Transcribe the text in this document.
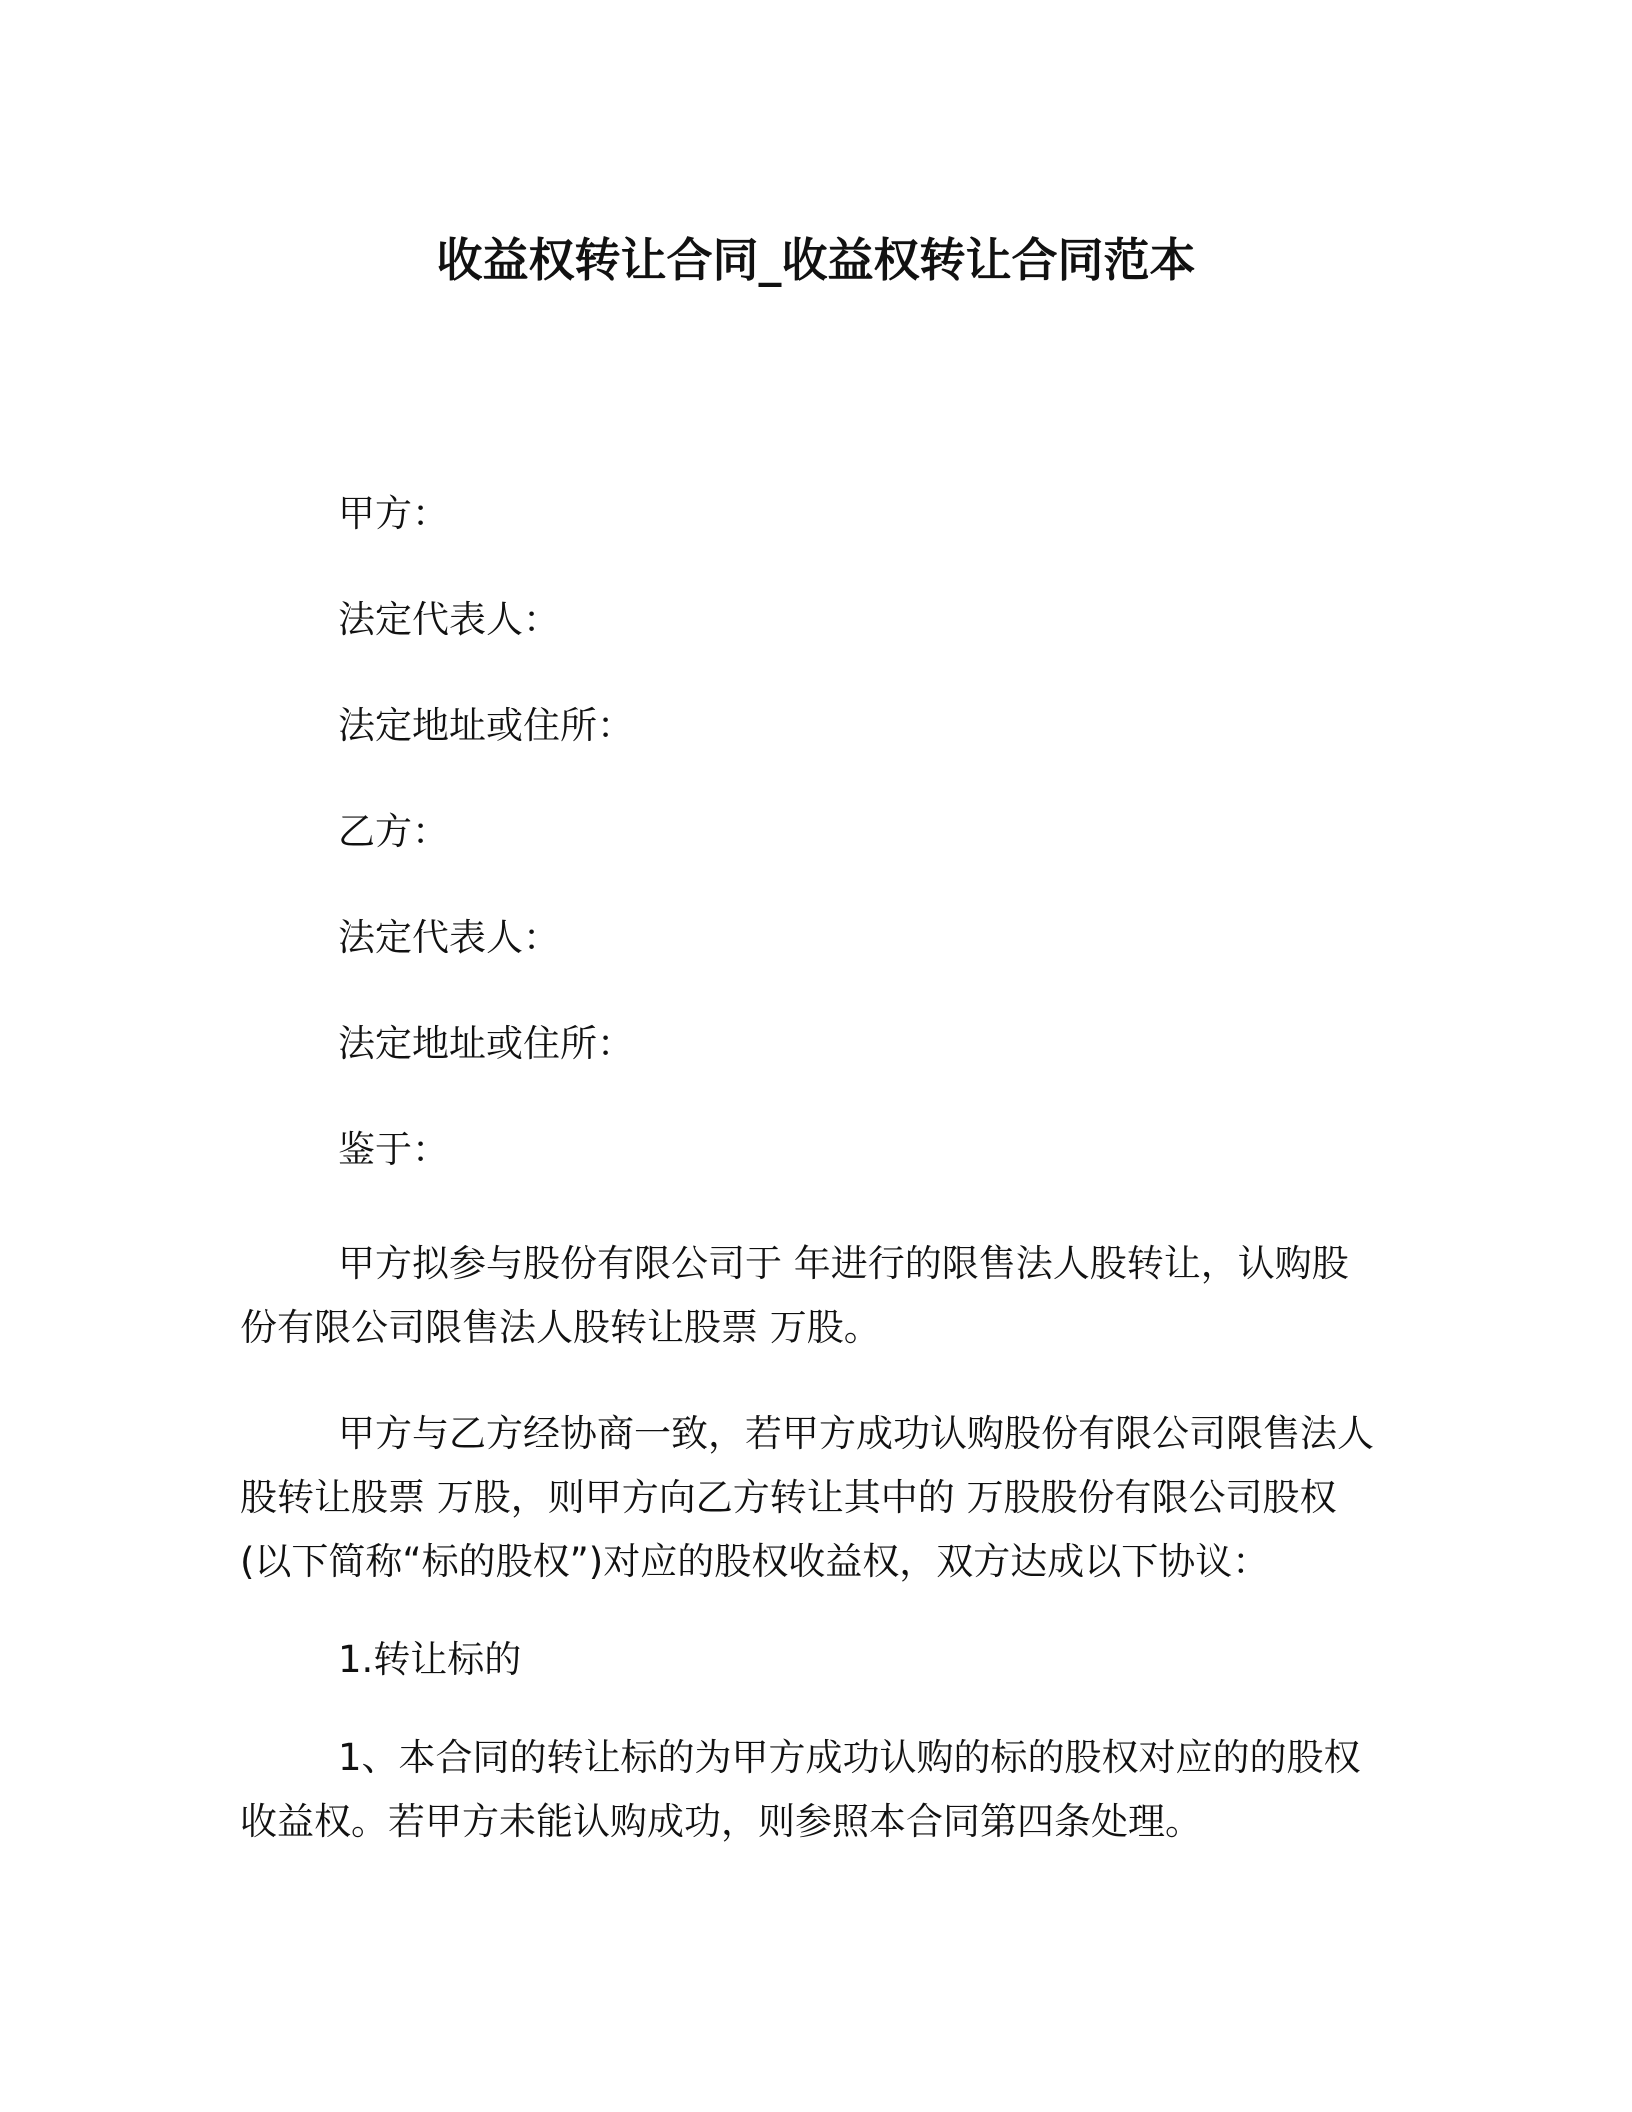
收益权转让合同_收益权转让合同范本

甲方：

法定代表人：

法定地址或住所：

乙方：

法定代表人：

法定地址或住所：

鉴于：

甲方拟参与股份有限公司于 年进行的限售法人股转让，认购股份有限公司限售法人股转让股票 万股。

甲方与乙方经协商一致，若甲方成功认购股份有限公司限售法人股转让股票 万股，则甲方向乙方转让其中的 万股股份有限公司股权(以下简称“标的股权”)对应的股权收益权，双方达成以下协议：

1.转让标的

1、本合同的转让标的为甲方成功认购的标的股权对应的的股权收益权。若甲方未能认购成功，则参照本合同第四条处理。
